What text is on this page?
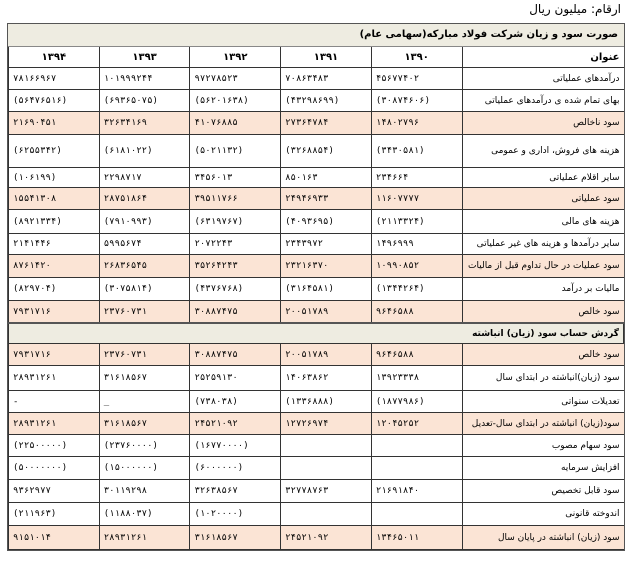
ارقام: میلیون ریال
صورت سود و زیان شرکت فولاد مبارکه(سهامی عام)
عنوان	۱۳۹۰	۱۳۹۱	۱۳۹۲	۱۳۹۳	۱۳۹۴
درآمدهای عملیاتی	۴۵۶۷۷۴۰۲	۷۰۸۶۳۴۸۳	۹۷۲۷۸۵۲۳	۱۰۱۹۹۹۲۴۴	۷۸۱۶۶۹۶۷
بهای تمام شده ی درآمدهای عملیاتی	(۳۰۸۷۴۶۰۶)	(۴۳۲۹۸۶۹۹)	(۵۶۲۰۱۶۳۸)	(۶۹۳۶۵۰۷۵)	(۵۶۴۷۶۵۱۶)
سود ناخالص	۱۴۸۰۲۷۹۶	۲۷۳۶۴۷۸۴	۴۱۰۷۶۸۸۵	۳۲۶۳۴۱۶۹	۲۱۶۹۰۴۵۱
هزینه های فروش، اداری و عمومی	(۳۴۳۰۵۸۱)	(۳۲۶۸۸۵۴)	(۵۰۲۱۱۳۲)	(۶۱۸۱۰۲۲)	(۶۲۵۵۳۴۲)
سایر اقلام عملیاتی	۲۳۴۶۶۴	۸۵۰۱۶۳	۳۴۵۶۰۱۳	۲۲۹۸۷۱۷	(۱۰۶۱۹۹)
سود عملیاتی	۱۱۶۰۷۷۷۷	۲۴۹۴۶۹۳۳	۳۹۵۱۱۷۶۶	۲۸۷۵۱۸۶۴	۱۵۵۴۱۳۰۸
هزینه های مالی	(۲۱۱۳۳۲۴)	(۴۰۹۳۶۹۵)	(۶۳۱۹۷۶۷)	(۷۹۱۰۹۹۳)	(۸۹۲۱۳۳۴)
سایر درآمدها و هزینه های غیر عملیاتی	۱۴۹۶۹۹۹	۲۳۴۳۹۷۲	۲۰۷۲۲۴۳	۵۹۹۵۶۷۴	۲۱۴۱۴۴۶
سود عملیات در حال تداوم قبل از مالیات	۱۰۹۹۰۸۵۲	۲۳۲۱۶۳۷۰	۳۵۲۶۴۲۴۳	۲۶۸۳۶۵۴۵	۸۷۶۱۴۲۰
مالیات بر درآمد	(۱۳۴۴۲۶۴)	(۳۱۶۴۵۸۱)	(۴۳۷۶۷۶۸)	(۳۰۷۵۸۱۴)	(۸۲۹۷۰۴)
سود خالص	۹۶۴۶۵۸۸	۲۰۰۵۱۷۸۹	۳۰۸۸۷۴۷۵	۲۳۷۶۰۷۳۱	۷۹۳۱۷۱۶
گردش حساب سود (زیان) انباشته					
سود خالص	۹۶۴۶۵۸۸	۲۰۰۵۱۷۸۹	۳۰۸۸۷۴۷۵	۲۳۷۶۰۷۳۱	۷۹۳۱۷۱۶
سود (زیان)انباشته در ابتدای سال	۱۳۹۲۳۳۳۸	۱۴۰۶۳۸۶۲	۲۵۲۵۹۱۳۰	۳۱۶۱۸۵۶۷	۲۸۹۳۱۲۶۱
تعدیلات سنواتی	(۱۸۷۷۹۸۶)	(۱۳۳۶۸۸۸)	(۷۳۸۰۳۸)	_	-
سود(زیان) انباشته در ابتدای سال-تعدیل	۱۲۰۴۵۲۵۲	۱۲۷۲۶۹۷۴	۲۴۵۲۱۰۹۲	۳۱۶۱۸۵۶۷	۲۸۹۳۱۲۶۱
سود سهام مصوب			(۱۶۷۷۰۰۰۰)	(۲۳۷۶۰۰۰۰)	(۲۲۵۰۰۰۰۰)
افزایش سرمایه			(۶۰۰۰۰۰۰)	(۱۵۰۰۰۰۰۰)	(۵۰۰۰۰۰۰۰)
سود قابل تخصیص	۲۱۶۹۱۸۴۰	۳۲۷۷۸۷۶۳	۳۲۶۳۸۵۶۷	۳۰۱۱۹۲۹۸	۹۳۶۲۹۷۷
اندوخته قانونی			(۱۰۲۰۰۰۰)	(۱۱۸۸۰۳۷)	(۲۱۱۹۶۳)
سود (زیان) انباشته در پایان سال	۱۳۴۶۵۰۱۱	۲۴۵۲۱۰۹۲	۳۱۶۱۸۵۶۷	۲۸۹۳۱۲۶۱	۹۱۵۱۰۱۴
